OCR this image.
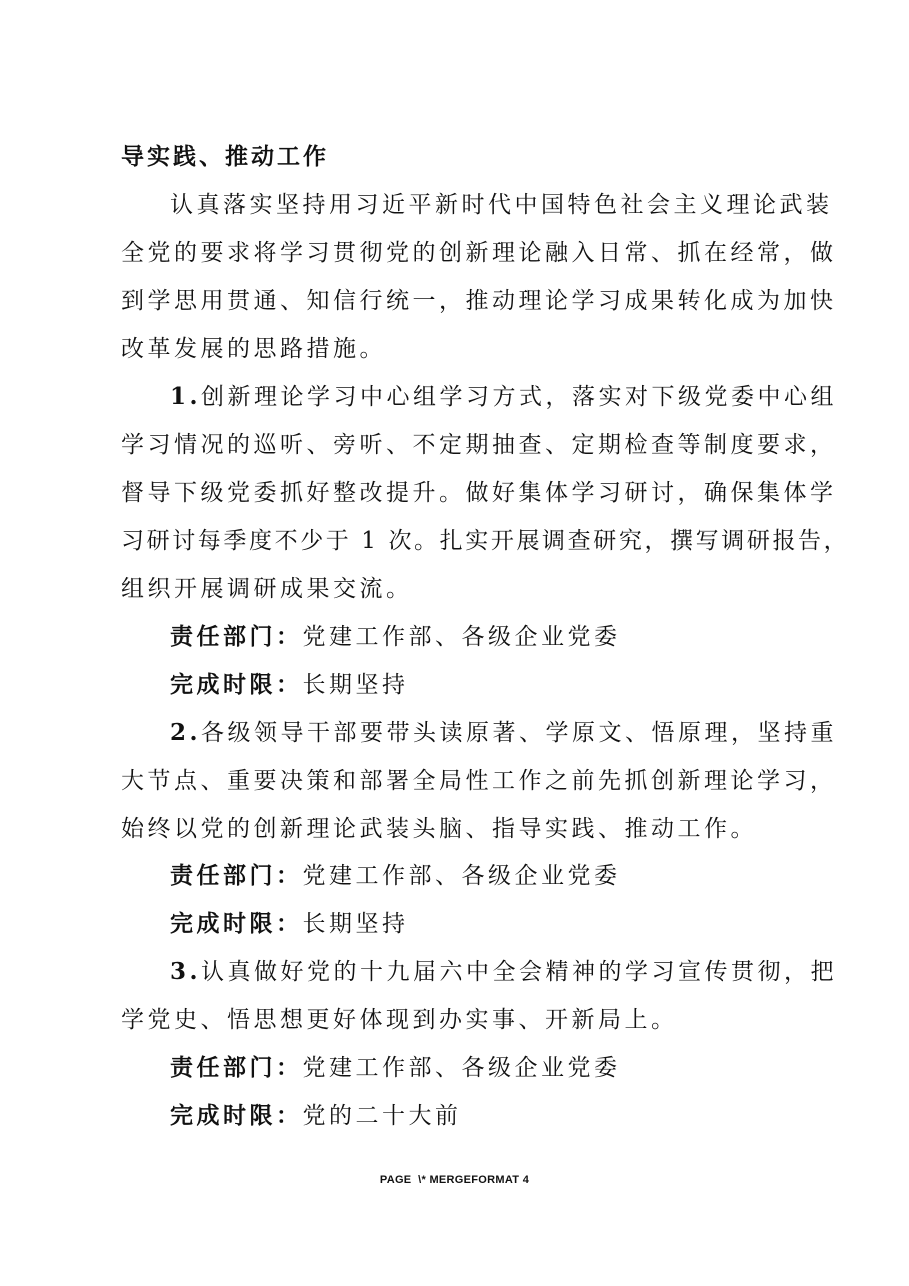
导实践、推动工作
认真落实坚持用习近平新时代中国特色社会主义理论武装
全党的要求将学习贯彻党的创新理论融入日常、抓在经常，做
到学思用贯通、知信行统一，推动理论学习成果转化成为加快
改革发展的思路措施。
1.创新理论学习中心组学习方式，落实对下级党委中心组
学习情况的巡听、旁听、不定期抽查、定期检查等制度要求，
督导下级党委抓好整改提升。做好集体学习研讨，确保集体学
习研讨每季度不少于 1 次。扎实开展调查研究，撰写调研报告，
组织开展调研成果交流。
责任部门：党建工作部、各级企业党委
完成时限：长期坚持
2.各级领导干部要带头读原著、学原文、悟原理，坚持重
大节点、重要决策和部署全局性工作之前先抓创新理论学习，
始终以党的创新理论武装头脑、指导实践、推动工作。
责任部门：党建工作部、各级企业党委
完成时限：长期坚持
3.认真做好党的十九届六中全会精神的学习宣传贯彻，把
学党史、悟思想更好体现到办实事、开新局上。
责任部门：党建工作部、各级企业党委
完成时限：党的二十大前
PAGE \* MERGEFORMAT 4
